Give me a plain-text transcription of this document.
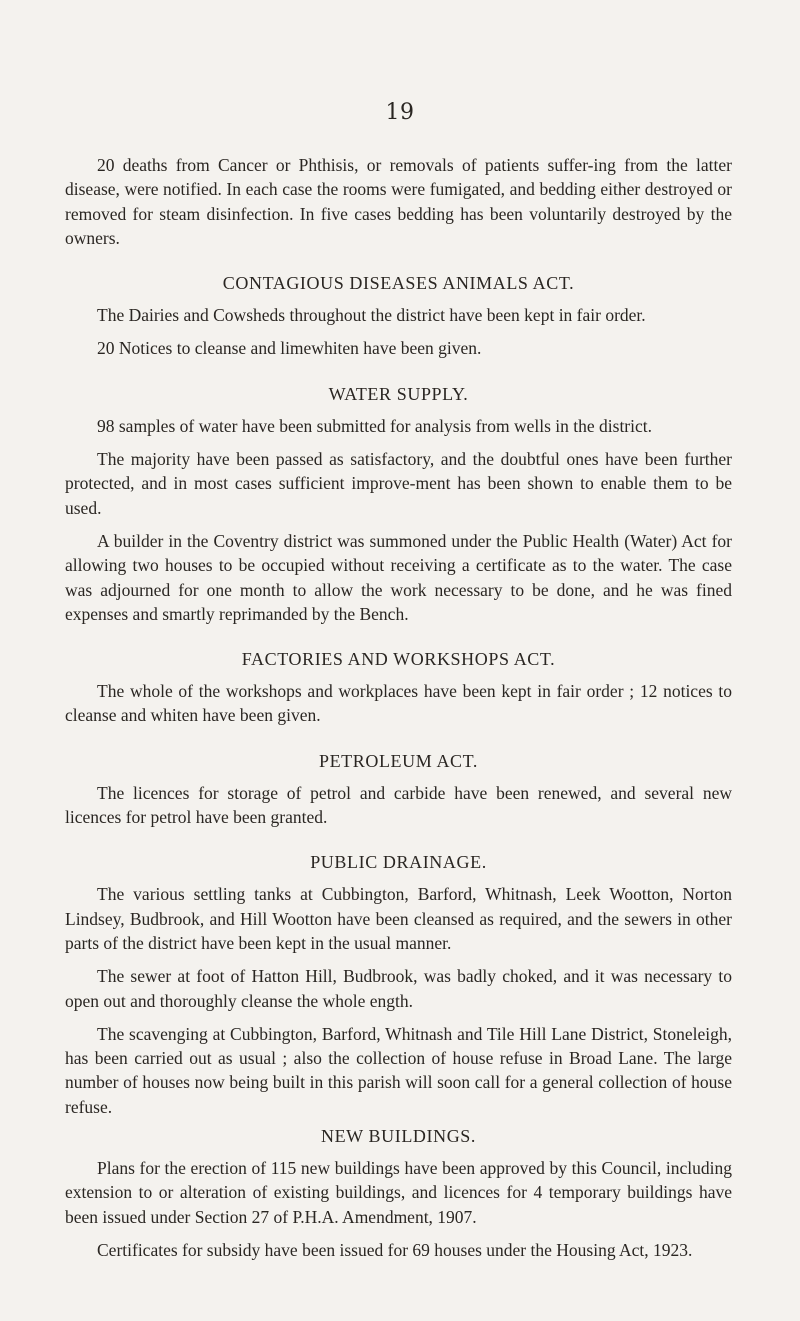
19

20 deaths from Cancer or Phthisis, or removals of patients suffer-ing from the latter disease, were notified. In each case the rooms were fumigated, and bedding either destroyed or removed for steam disinfection. In five cases bedding has been voluntarily destroyed by the owners.

CONTAGIOUS DISEASES ANIMALS ACT.

The Dairies and Cowsheds throughout the district have been kept in fair order.

20 Notices to cleanse and limewhiten have been given.

WATER SUPPLY.

98 samples of water have been submitted for analysis from wells in the district.

The majority have been passed as satisfactory, and the doubtful ones have been further protected, and in most cases sufficient improve-ment has been shown to enable them to be used.

A builder in the Coventry district was summoned under the Public Health (Water) Act for allowing two houses to be occupied without receiving a certificate as to the water. The case was adjourned for one month to allow the work necessary to be done, and he was fined expenses and smartly reprimanded by the Bench.

FACTORIES AND WORKSHOPS ACT.

The whole of the workshops and workplaces have been kept in fair order ; 12 notices to cleanse and whiten have been given.

PETROLEUM ACT.

The licences for storage of petrol and carbide have been renewed, and several new licences for petrol have been granted.

PUBLIC DRAINAGE.

The various settling tanks at Cubbington, Barford, Whitnash, Leek Wootton, Norton Lindsey, Budbrook, and Hill Wootton have been cleansed as required, and the sewers in other parts of the district have been kept in the usual manner.

The sewer at foot of Hatton Hill, Budbrook, was badly choked, and it was necessary to open out and thoroughly cleanse the whole ength.

The scavenging at Cubbington, Barford, Whitnash and Tile Hill Lane District, Stoneleigh, has been carried out as usual ; also the collection of house refuse in Broad Lane. The large number of houses now being built in this parish will soon call for a general collection of house refuse.

NEW BUILDINGS.

Plans for the erection of 115 new buildings have been approved by this Council, including extension to or alteration of existing buildings, and licences for 4 temporary buildings have been issued under Section 27 of P.H.A. Amendment, 1907.

Certificates for subsidy have been issued for 69 houses under the Housing Act, 1923.
